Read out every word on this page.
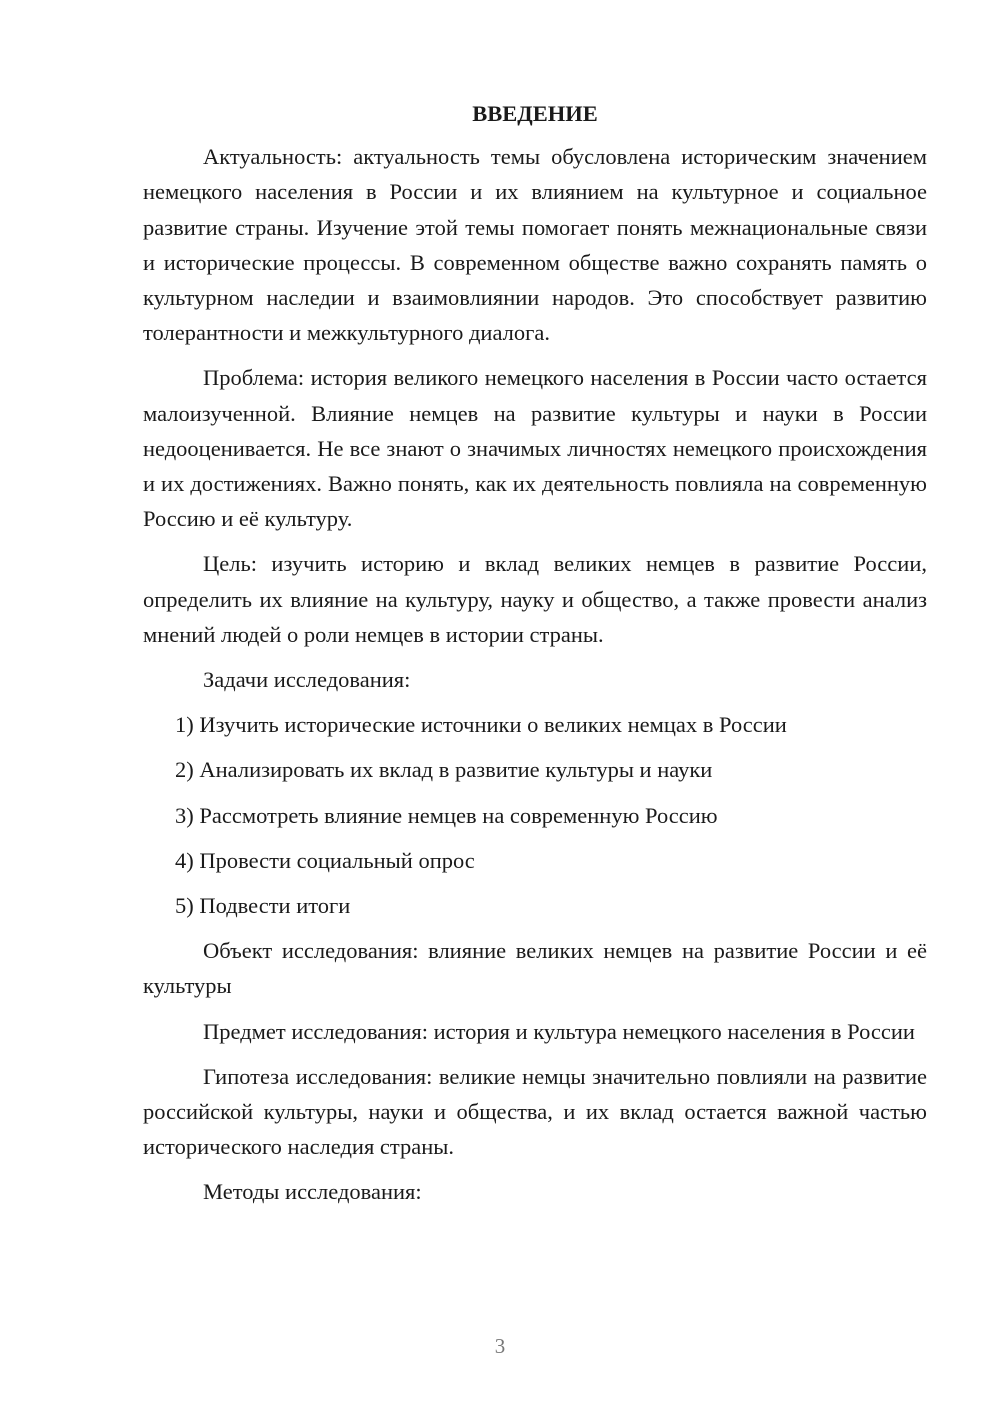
ВВЕДЕНИЕ

Актуальность: актуальность темы обусловлена историческим значением немецкого населения в России и их влиянием на культурное и социальное развитие страны. Изучение этой темы помогает понять межнациональные связи и исторические процессы. В современном обществе важно сохранять память о культурном наследии и взаимовлиянии народов. Это способствует развитию толерантности и межкультурного диалога.

Проблема: история великого немецкого населения в России часто остается малоизученной. Влияние немцев на развитие культуры и науки в России недооценивается. Не все знают о значимых личностях немецкого происхождения и их достижениях. Важно понять, как их деятельность повлияла на современную Россию и её культуру.

Цель: изучить историю и вклад великих немцев в развитие России, определить их влияние на культуру, науку и общество, а также провести анализ мнений людей о роли немцев в истории страны.

Задачи исследования:

1) Изучить исторические источники о великих немцах в России
2) Анализировать их вклад в развитие культуры и науки
3) Рассмотреть влияние немцев на современную Россию
4) Провести социальный опрос
5) Подвести итоги

Объект исследования: влияние великих немцев на развитие России и её культуры

Предмет исследования: история и культура немецкого населения в России

Гипотеза исследования: великие немцы значительно повлияли на развитие российской культуры, науки и общества, и их вклад остается важной частью исторического наследия страны.

Методы исследования:

3
